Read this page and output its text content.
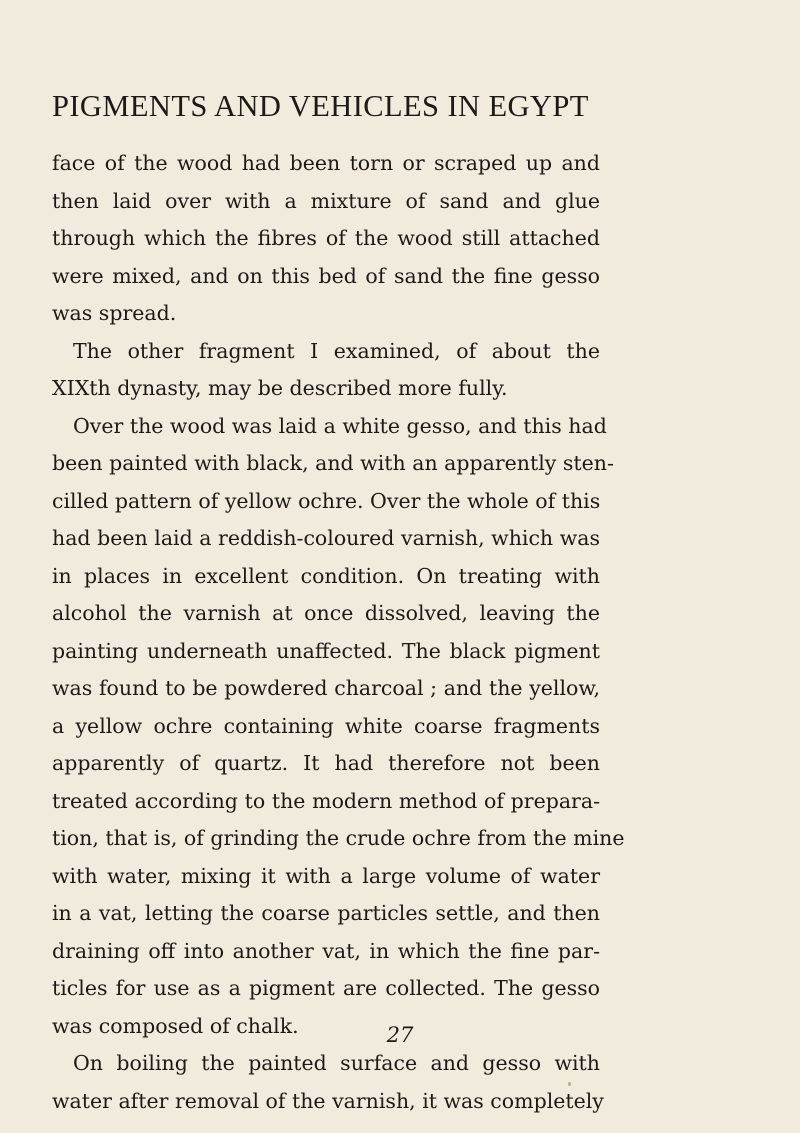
PIGMENTS AND VEHICLES IN EGYPT
face of the wood had been torn or scraped up and
then laid over with a mixture of sand and glue
through which the fibres of the wood still attached
were mixed, and on this bed of sand the fine gesso
was spread.
The other fragment I examined, of about the
XIXth dynasty, may be described more fully.
Over the wood was laid a white gesso, and this had
been painted with black, and with an apparently sten-
cilled pattern of yellow ochre. Over the whole of this
had been laid a reddish-coloured varnish, which was
in places in excellent condition. On treating with
alcohol the varnish at once dissolved, leaving the
painting underneath unaffected. The black pigment
was found to be powdered charcoal ; and the yellow,
a yellow ochre containing white coarse fragments
apparently of quartz. It had therefore not been
treated according to the modern method of prepara-
tion, that is, of grinding the crude ochre from the mine
with water, mixing it with a large volume of water
in a vat, letting the coarse particles settle, and then
draining off into another vat, in which the fine par-
ticles for use as a pigment are collected. The gesso
was composed of chalk.
On boiling the painted surface and gesso with
water after removal of the varnish, it was completely
27
